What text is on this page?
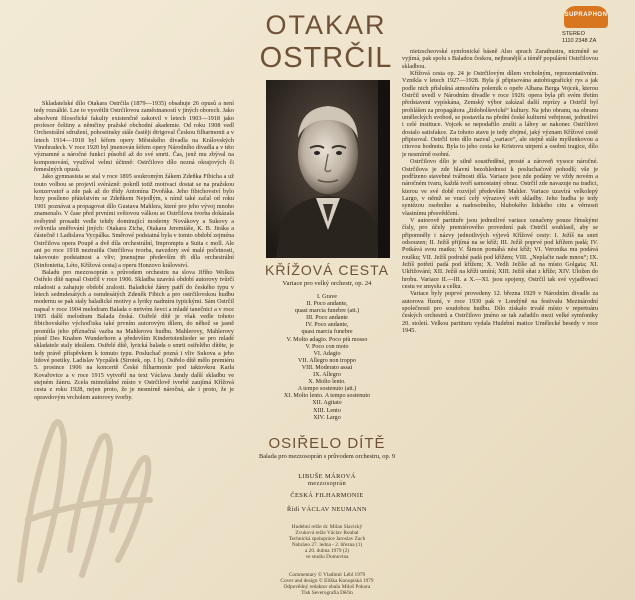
SUPRAPHON
STEREO
1110 2348 ZA
OTAKAR
OSTRČIL

Skladatelské dílo Otakara Ostrčila (1879—1935) obsahuje 26 opusů a není tedy rozsáhlé. Lze to vysvětlit Ostrčilovou zaměstnaností v jiných oborech. Jako absolvent filosofické fakulty existenčně zakotvil v letech 1903—1918 jako profesor češtiny a němčiny pražské obchodní akademie. Od roku 1908 vedl Orchestrální sdružení, pohostinsky stále častěji dirigoval Českou filharmonii a v letech 1914—1918 byl šéfem opery Městského divadla na Královských Vinohradech. V roce 1920 byl jmenován šéfem opery Národního divadla a v této významné a náročné funkci působil až do své smrti. Čas, jenž mu zbýval na komponování, využíval velmi účinně: Ostrčilovo dílo nezná okrajových či řemeslných opusů.

Jako gymnasista se stal v roce 1895 soukromým žákem Zdeňka Fibicha a už touto volbou se projevil svérázně: pokrdl totiž motivaci dostat se na pražskou konzervatoř a zde pak až do třídy Antonína Dvořáka. Jeho fibichovství bylo brzy posíleno přátelstvím se Zdeňkem Nejedlým, s nímž také začal od roku 1901 poznávat a propagovat dílo Gustava Mahlera, které pro jeho vývoj mnoho znamenalo. V čase před prvními světovou válkou se Ostrčilova tvorba dokázala svébytně prosadit vedle tehdy dominující moderny Novákovy a Sukovy a ovlivnila směřování jiných: Otakara Zicha, Otakara Jeremiáše, K. B. Jiráka a částečně i Ladislava Vycpálka. Směrové podstatná byla v tomto období zejména Ostrčilova opera Poupě a dvě díla orchestrální, Impromptu a Suita c moll. Ale ani po roce 1918 neztratila Ostrčilova tvorba, navzdory své malé početnosti, takovouto podstatnost a vliv; jmenujme především tři díla orchestrální (Sinfonietta, Léto, Křížová cesta) a operu Honzovo království.

Baladu pro mezzosoprán s průvodem orchestru na slova Jiřího Wolkra Osiřelo dítě napsal Ostrčil v roce 1906. Skladba uzavírá období autorovy tvůrčí mladosti a zahajuje období zralosti. Baladické žánry patří do českého typu v letech sedmdesátých a osmdesátých Zdeněk Fibich a pro ostrčilovskou hudbu modernu se pak staly baladické motivy a lyriky nadmíru typickými. Sám Ostrčil napsal v roce 1904 melodram Balada o mrtvém ševci a mladé tanečnici a v roce 1905 další melodram Balada česká. Osiřelé dítě je však vedle tohoto fibichovského výchoďiska také prvním autorovým dílem, do něhož se jasně promítla jeho příznačná vazba na Mahlerovu hudbu. Mahlerovy, Mahlerovy písně Des Knaben Wunderhorn a především Kindertotenlieder se pro mladé skladatele staly ideálem. Osiřelé dítě, lyrická balada o smrti osiřelého dítěte, je tedy právě příspěvkem k tomuto typu. Posluchač pozná i vliv Sukova a jeho lidové poetiky. Ladislav Vycpálek (Sirotek, op. 1 b). Osiřelo dítě mělo premiéru 5. prosince 1906 na koncertě České filharmonie pod taktovkou Karla Kovařovice a v roce 1915 vytvořil na text Václava Jandy další skladbu ve stejném žánru. Zcela mimořádné místo v Ostrčilově tvorbě zaujímá Křížová cesta z roku 1928, nejen proto, že je nesmírně náročná, ale i proto, že je opravdovým vrcholem autorovy tvorby.

KŘÍŽOVÁ CESTA
Variace pro velký orchestr, op. 24
I. Grave
II. Poco andante,
quasi marcia funebre (att.)
III. Poco andante
IV. Poco andante,
quasi marcia funebre
V. Molto adagio. Poco più mosso
V. Poco con moto
VI. Adagio
VII. Allegro non troppo
VIII. Moderato assai
IX. Allegro
X. Molto lento.
A tempo sostenuto (att.)
XI. Molto lento. A tempo sostenuto
XII. Agitato
XIII. Lento
XIV. Largo
OSIŘELO DÍTĚ
Balada pro mezzosoprán s průvodem orchestru, op. 9
LIBUŠE MÁROVÁ
mezzosoprán
ČESKÁ FILHARMONIE
Řídí VÁCLAV NEUMANN
Hudební režie dr. Milan Slavický
Zvuková režie Václav Roubal
Technická spolupráce Jaroslav Zach
Nahráno 27. ledna - 2. března (1)
a 20. dubna 1979 (2)
ve studiu Domovina
Commentary © Vladimír Lébl 1979
Cover and design © Eliška Konopíská 1979
Odpovědný redaktor obalu Miloš Pokora
Tisk Severografia Děčín

nietzscheovské symfonické básně Also sprach Zarathustra, nicméně se vyjímá, pak spolu s Baladou českou, nejbranější a téměř populární Ostrčilovou skladbou.

Křížová cesta op. 24 je Ostrčilovým dílem vrcholným, reprezentativním. Vznikla v letech 1927—1928. Byla jí připisována autobiografický rys a jak podle nich příslušná atmosféra polemik o opeře Albana Berga Vojcek, kterou Ostrčil uvedl v Národním divadle v roce 1926: opera byla při svém třetím představení vypískána, Zemský výbor zakázal další reprízy a Ostrčil byl prohlášen za propagátora „židobolševické“ kultury. Na jeho obranu, na obranu uměleckých svobod, se postavila na přední české kulturní veřejnost, jednotliví i celé instituce. Vojcek se nepodařilo zrušit a láhvy se nakonec Ostrčilovi dostalo satisfakce. Za tohoto stavu je tedy zřejmé, jaký význam Křížové cestě připisoval. Ostrčil toto dílo nazval „variace“, ale stejně stále myšlenkovou a citovou hodnotu. Byla to jeho cesta ke Kristovu utrpení a osobní tragice, dílo je nesmírně osobní.

Ostrčilovo dílo je silně soustředěné, prosté a zároveň vysoce náročné. Ostrčilova je zde hlavní bezohlednost k posluchačově pohodlí; vše je podřízeno stavebné tvářnosti díla. Variace jsou zde podány ve vždy novém a náročném tvaru, každá tvoří samostatný obraz. Ostrčil zde navazuje na tradici, kterou ve své době rozvíjel především Mahler. Variace uzavírá velkolepý Largo, v němž se vrací celý výrazový svět skladby. Jeho hudba je tedy syntézou osobního a nadosobního, hlubokého lidského citu a věrnosti vlastnímu přesvědčení.

V autorově partituře jsou jednotlivé variace označeny pouze římskými čísly, pro účely premiérového provedení pak Ostrčil souhlasil, aby se připomněly i názvy jednotlivých výjevů Křížové cesty: I. Ježíš na smrt odsouzen; II. Ježíš přijímá na se kříž; III. Ježíš poprvé pod křížem padá; IV. Potkává svou matku; V. Šimon pomáhá nést kříž; VI. Veronika mu podává roušku; VII. Ježíš podruhé padá pod křížem; VIII. „Neplačte nade mnou“; IX. Ježíš potřetí padá pod křížem; X. Vedli Ježíše až na místo Golgata; XI. Ukřižování; XII. Ježíš na kříži umírá; XIII. Ježíš sňat z kříže; XIV. Uložen do hrobu. Variace II.—III. a X.—XI. jsou spojeny, Ostrčil tak své vyjadřovací cestu ve smyslu a celku.

Variace byly poprvé provedeny 12. března 1929 v Národním divadle za autorova řízení, v roce 1930 pak v Londýně na festivalu Mezinárodní společnosti pro soudobou hudbu. Dílo získalo trvalé místo v repertoáru českých orchestrů a Ostrčilovo jméno se tak zařadilo mezi velké symfoniky 20. století. Velkou partituru vydala Hudební matice Umělecké besedy v roce 1945.
